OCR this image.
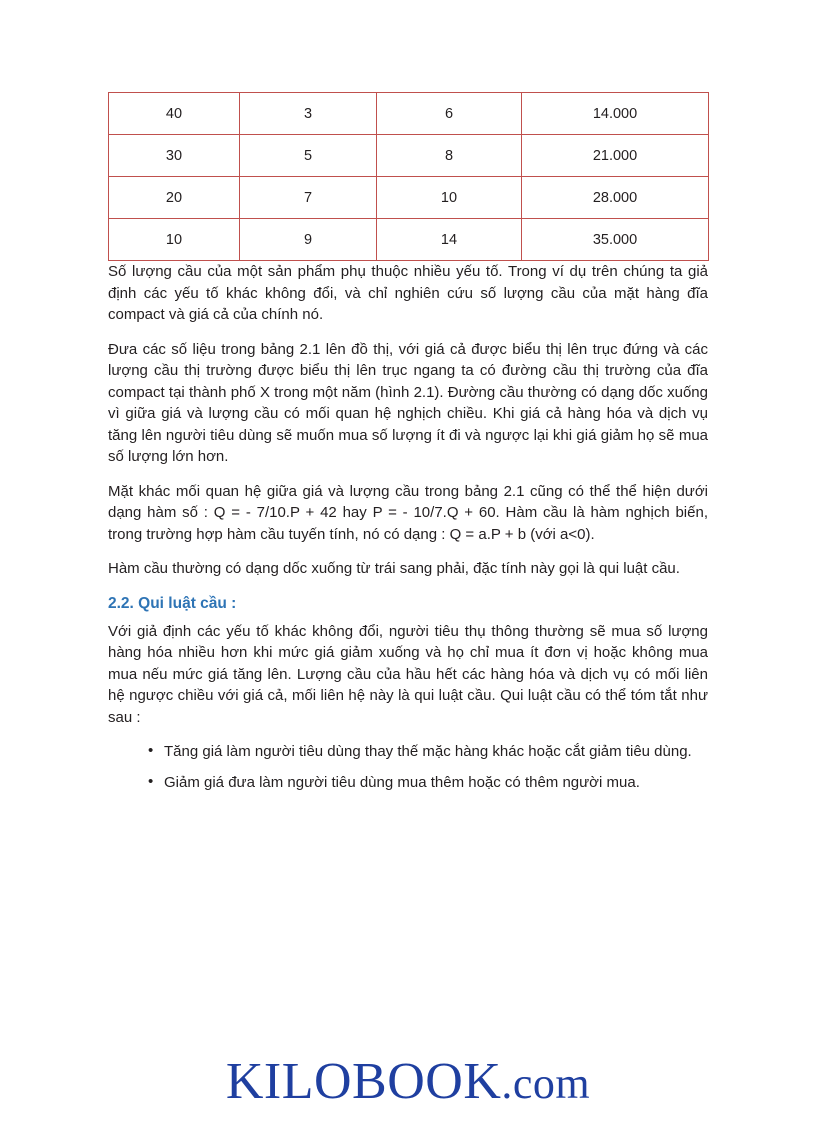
40	3	6	14.000
30	5	8	21.000
20	7	10	28.000
10	9	14	35.000

Số lượng cầu của một sản phẩm phụ thuộc nhiều yếu tố. Trong ví dụ trên chúng ta giả định các yếu tố khác không đổi, và chỉ nghiên cứu số lượng cầu của mặt hàng đĩa compact và giá cả của chính nó.

Đưa các số liệu trong bảng 2.1 lên đồ thị, với giá cả được biểu thị lên trục đứng và các lượng cầu thị trường được biểu thị lên trục ngang ta có đường cầu thị trường của đĩa compact tại thành phố X trong một năm (hình 2.1). Đường cầu thường có dạng dốc xuống vì giữa giá và lượng cầu có mối quan hệ nghịch chiều. Khi giá cả hàng hóa và dịch vụ tăng lên người tiêu dùng sẽ muốn mua số lượng ít đi và ngược lại khi giá giảm họ sẽ mua số lượng lớn hơn.

Mặt khác mối quan hệ giữa giá và lượng cầu trong bảng 2.1 cũng có thể thể hiện dưới dạng hàm số : Q = - 7/10.P + 42 hay P = - 10/7.Q + 60. Hàm cầu là hàm nghịch biến, trong trường hợp hàm cầu tuyến tính, nó có dạng : Q = a.P + b (với a<0).

Hàm cầu thường có dạng dốc xuống từ trái sang phải, đặc tính này gọi là qui luật cầu.

2.2. Qui luật cầu :

Với giả định các yếu tố khác không đổi, người tiêu thụ thông thường sẽ mua số lượng hàng hóa nhiều hơn khi mức giá giảm xuống và họ chỉ mua ít đơn vị hoặc không mua mua nếu mức giá tăng lên. Lượng cầu của hầu hết các hàng hóa và dịch vụ có mối liên hệ ngược chiều với giá cả, mối liên hệ này là qui luật cầu. Qui luật cầu có thể tóm tắt như sau :

• Tăng giá làm người tiêu dùng thay thế mặc hàng khác hoặc cắt giảm tiêu dùng.
• Giảm giá đưa làm người tiêu dùng mua thêm hoặc có thêm người mua.
KILOBOOK.com
